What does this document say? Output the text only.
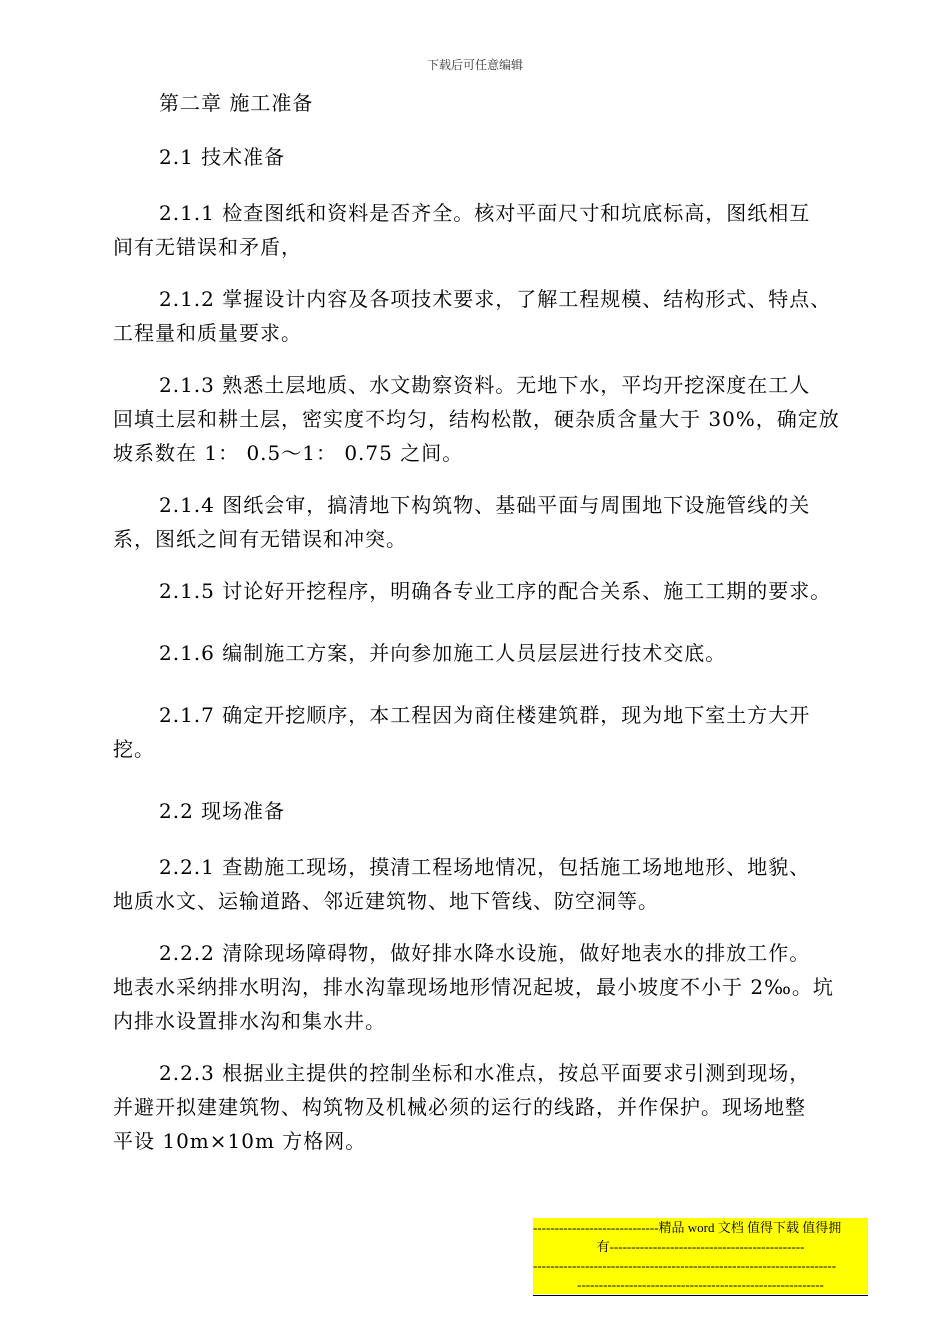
下载后可任意编辑
第二章 施工准备
2.1 技术准备
2.1.1 检查图纸和资料是否齐全。核对平面尺寸和坑底标高，图纸相互
间有无错误和矛盾，
2.1.2 掌握设计内容及各项技术要求，了解工程规模、结构形式、特点、
工程量和质量要求。
2.1.3 熟悉土层地质、水文勘察资料。无地下水，平均开挖深度在工人
回填土层和耕土层，密实度不均匀，结构松散，硬杂质含量大于 30%，确定放
坡系数在 1： 0.5～1： 0.75 之间。
2.1.4 图纸会审，搞清地下构筑物、基础平面与周围地下设施管线的关
系，图纸之间有无错误和冲突。
2.1.5 讨论好开挖程序，明确各专业工序的配合关系、施工工期的要求。
2.1.6 编制施工方案，并向参加施工人员层层进行技术交底。
2.1.7 确定开挖顺序，本工程因为商住楼建筑群，现为地下室土方大开
挖。
2.2 现场准备
2.2.1 查勘施工现场，摸清工程场地情况，包括施工场地地形、地貌、
地质水文、运输道路、邻近建筑物、地下管线、防空洞等。
2.2.2 清除现场障碍物，做好排水降水设施，做好地表水的排放工作。
地表水采纳排水明沟，排水沟靠现场地形情况起坡，最小坡度不小于 2‰。坑
内排水设置排水沟和集水井。
2.2.3 根据业主提供的控制坐标和水准点，按总平面要求引测到现场，
并避开拟建建筑物、构筑物及机械必须的运行的线路，并作保护。现场地整
平设 10m×10m 方格网。
-----------------------------精品 word 文档 值得下载 值得拥
有---------------------------------------------
----------------------------------------------------------------------
---------------------------------------------------------
